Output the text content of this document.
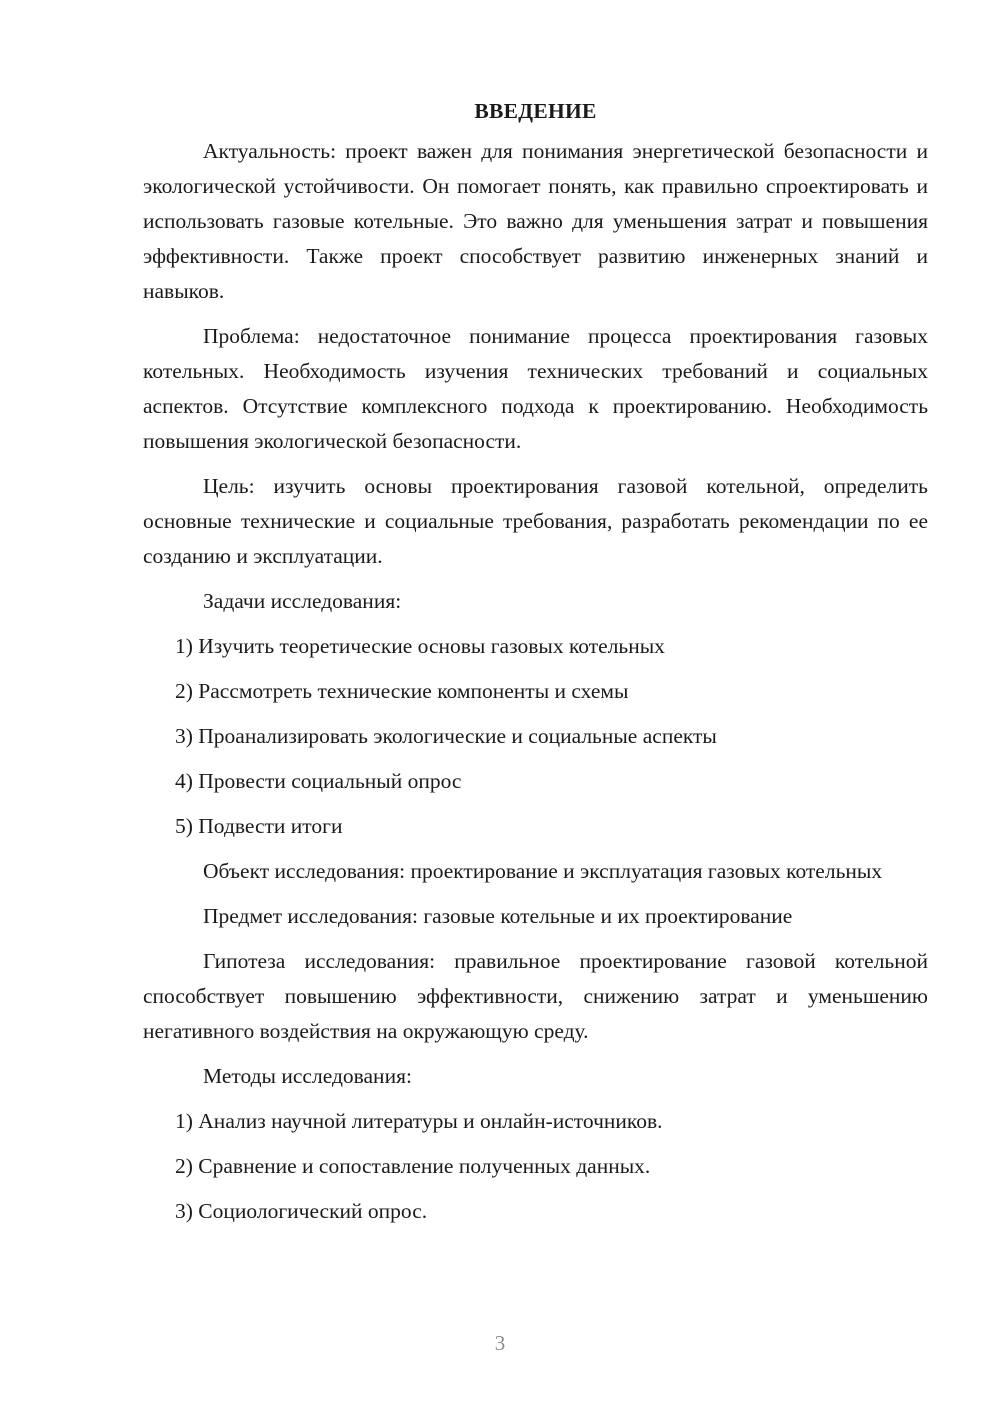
ВВЕДЕНИЕ

Актуальность: проект важен для понимания энергетической безопасности и экологической устойчивости. Он помогает понять, как правильно спроектировать и использовать газовые котельные. Это важно для уменьшения затрат и повышения эффективности. Также проект способствует развитию инженерных знаний и навыков.

Проблема: недостаточное понимание процесса проектирования газовых котельных. Необходимость изучения технических требований и социальных аспектов. Отсутствие комплексного подхода к проектированию. Необходимость повышения экологической безопасности.

Цель: изучить основы проектирования газовой котельной, определить основные технические и социальные требования, разработать рекомендации по ее созданию и эксплуатации.

Задачи исследования:

1) Изучить теоретические основы газовых котельных
2) Рассмотреть технические компоненты и схемы
3) Проанализировать экологические и социальные аспекты
4) Провести социальный опрос
5) Подвести итоги

Объект исследования: проектирование и эксплуатация газовых котельных

Предмет исследования: газовые котельные и их проектирование

Гипотеза исследования: правильное проектирование газовой котельной способствует повышению эффективности, снижению затрат и уменьшению негативного воздействия на окружающую среду.

Методы исследования:

1) Анализ научной литературы и онлайн-источников.
2) Сравнение и сопоставление полученных данных.
3) Социологический опрос.
3
